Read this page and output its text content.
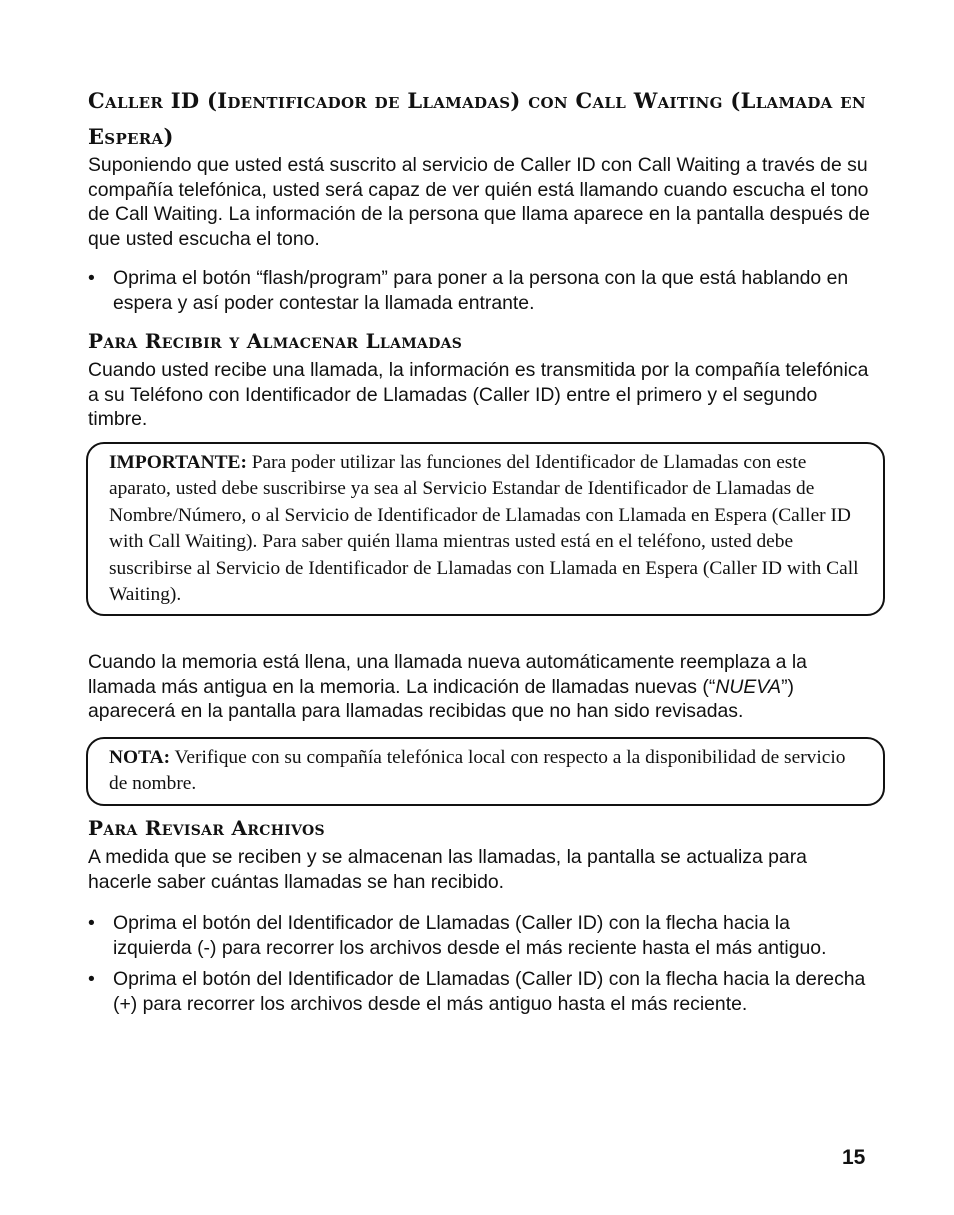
Caller ID (Identificador de Llamadas) con Call Waiting (Llamada en Espera)

Suponiendo que usted está suscrito al servicio de Caller ID con Call Waiting a través de su compañía telefónica, usted será capaz de ver quién está llamando cuando escucha el tono de Call Waiting. La información de la persona que llama aparece en la pantalla después de que usted escucha el tono.

• Oprima el botón “flash/program” para poner a la persona con la que está hablando en espera y así poder contestar la llamada entrante.
Para Recibir y Almacenar Llamadas

Cuando usted recibe una llamada, la información es transmitida por la compañía telefónica a su Teléfono con Identificador de Llamadas (Caller ID) entre el primero y el segundo timbre.

IMPORTANTE: Para poder utilizar las funciones del Identificador de Llamadas con este aparato, usted debe suscribirse ya sea al Servicio Estandar de Identificador de Llamadas de Nombre/Número, o al Servicio de Identificador de Llamadas con Llamada en Espera (Caller ID with Call Waiting). Para saber quién llama mientras usted está en el teléfono, usted debe suscribirse al Servicio de Identificador de Llamadas con Llamada en Espera (Caller ID with Call Waiting).

Cuando la memoria está llena, una llamada nueva automáticamente reemplaza a la llamada más antigua en la memoria. La indicación de llamadas nuevas (“NUEVA”) aparecerá en la pantalla para llamadas recibidas que no han sido revisadas.

NOTA: Verifique con su compañía telefónica local con respecto a la disponibilidad de servicio de nombre.
Para Revisar Archivos

A medida que se reciben y se almacenan las llamadas, la pantalla se actualiza para hacerle saber cuántas llamadas se han recibido.

• Oprima el botón del Identificador de Llamadas (Caller ID) con la flecha hacia la izquierda (-) para recorrer los archivos desde el más reciente hasta el más antiguo.
• Oprima el botón del Identificador de Llamadas (Caller ID) con la flecha hacia la derecha (+) para recorrer los archivos desde el más antiguo hasta el más reciente.
15
